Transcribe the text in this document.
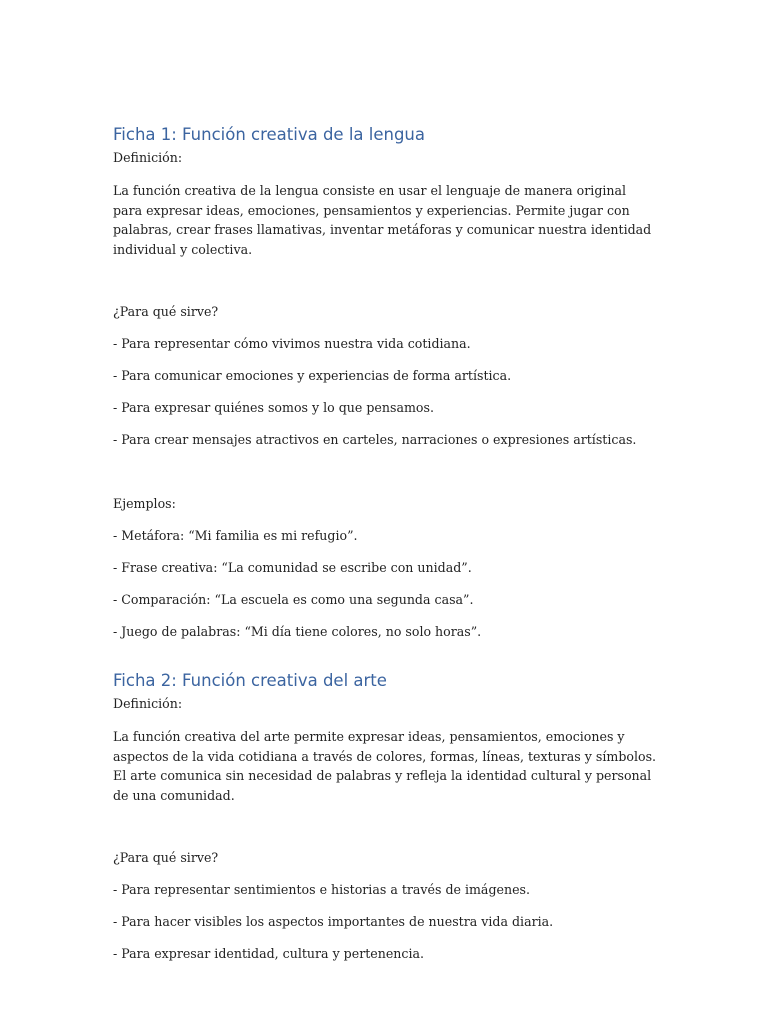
Ficha 1: Función creativa de la lengua
Definición:

La función creativa de la lengua consiste en usar el lenguaje de manera original para expresar ideas, emociones, pensamientos y experiencias. Permite jugar con palabras, crear frases llamativas, inventar metáforas y comunicar nuestra identidad individual y colectiva.

¿Para qué sirve?
- Para representar cómo vivimos nuestra vida cotidiana.
- Para comunicar emociones y experiencias de forma artística.
- Para expresar quiénes somos y lo que pensamos.
- Para crear mensajes atractivos en carteles, narraciones o expresiones artísticas.
Ejemplos:
- Metáfora: “Mi familia es mi refugio”.
- Frase creativa: “La comunidad se escribe con unidad”.
- Comparación: “La escuela es como una segunda casa”.
- Juego de palabras: “Mi día tiene colores, no solo horas”.
Ficha 2: Función creativa del arte
Definición:

La función creativa del arte permite expresar ideas, pensamientos, emociones y aspectos de la vida cotidiana a través de colores, formas, líneas, texturas y símbolos. El arte comunica sin necesidad de palabras y refleja la identidad cultural y personal de una comunidad.

¿Para qué sirve?
- Para representar sentimientos e historias a través de imágenes.
- Para hacer visibles los aspectos importantes de nuestra vida diaria.
- Para expresar identidad, cultura y pertenencia.
